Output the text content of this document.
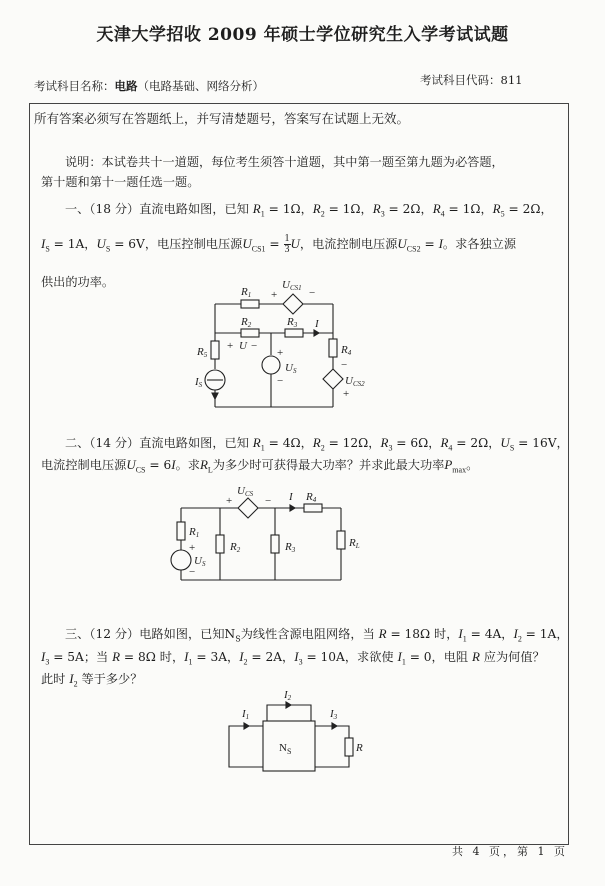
天津大学招收 2009 年硕士学位研究生入学考试试题
考试科目名称：电路（电路基础、网络分析）	考试科目代码：811
所有答案必须写在答题纸上，并写清楚题号，答案写在试题上无效。
说明：本试卷共十一道题，每位考生须答十道题，其中第一题至第九题为必答题，
第十题和第十一题任选一题。
一、（18 分）直流电路如图，已知 $R_1 = 1\Omega$，$R_2 = 1\Omega$，$R_3 = 2\Omega$，$R_4 = 1\Omega$，$R_5 = 2\Omega$，
$I_S = 1A$，$U_S = 6V$，电压控制电压源$U_{CS1} = \frac{1}{3}$ U，电流控制电压源$U_{CS2} = I$。求各独立源
供出的功率。
R1 +
UCS1 −
R2	R3 I
+ U −
R5
IS
+
US
−
R4
−
UCS2
+
二、（14 分）直流电路如图，已知 $R_1 = 4\Omega$，$R_2 = 12\Omega$，$R_3 = 6\Omega$，$R_4 = 2\Omega$，$U_S = 16V$，
电流控制电压源$U_{CS} = 6I$。求$R_L$为多少时可获得最大功率？并求此最大功率$P_{max}$。
UCS
+	− I R4
R1
+
US
−
R2	R3
RL
三、（12 分）电路如图，已知$N_S$为线性含源电阻网络，当 R = 18Ω 时，$I_1 = 4A$，$I_2 = 1A$，
$I_3 = 5A$；当 R = 8Ω 时，$I_1 = 3A$，$I_2 = 2A$，$I_3 = 10A$，求欲使 $I_1 = 0$，电阻 R 应为何值？
此时 $I_2$ 等于多少？
$N_S$
I1
I2
I3
R
共 4 页，第 1 页
